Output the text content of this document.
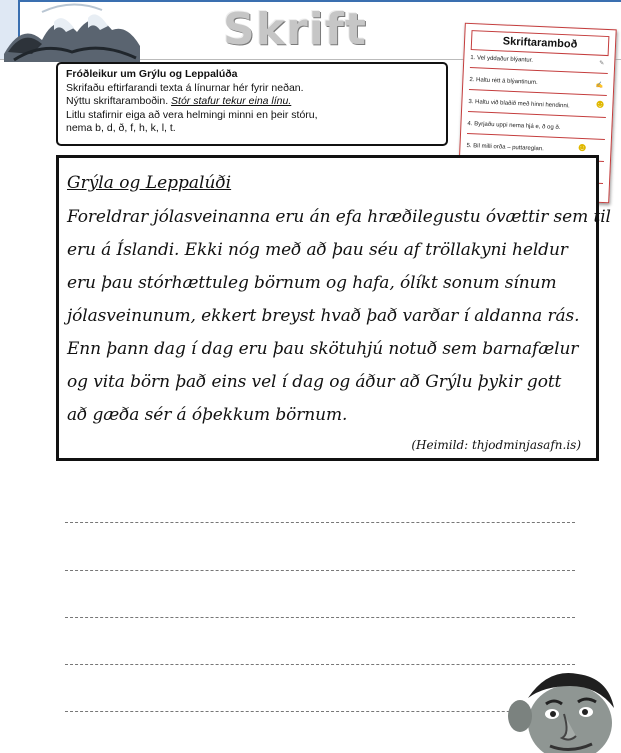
Skrift
Fróðleikur um Grýlu og Leppalúða
Skrifaðu eftirfarandi texta á línurnar hér fyrir neðan.
Nýttu skriftaramboðin. Stór stafur tekur eina línu.
Litlu stafirnir eiga að vera helmingi minni en þeir stóru,
nema b, d, ð, f, h, k, l, t.
Skriftaramboð
1. Vel yddaður blýantur.
✎
2. Haltu rétt á blýantinum.	✍
3. Haltu við blaðið með hinni hendinni. ☻
4. Byrjaðu uppi nema hjá e, ð og ð.
5. Bil milli orða – puttareglan.	☻
Grýla og Leppalúði
Foreldrar jólasveinanna eru án efa hræðilegustu óvættir sem til
eru á Íslandi. Ekki nóg með að þau séu af tröllakyni heldur
eru þau stórhættuleg börnum og hafa, ólíkt sonum sínum
jólasveinunum, ekkert breyst hvað það varðar í aldanna rás.
Enn þann dag í dag eru þau skötuhjú notuð sem barnafælur
og vita börn það eins vel í dag og áður að Grýlu þykir gott
að gæða sér á óþekkum börnum.
(Heimild: thjodminjasafn.is)
